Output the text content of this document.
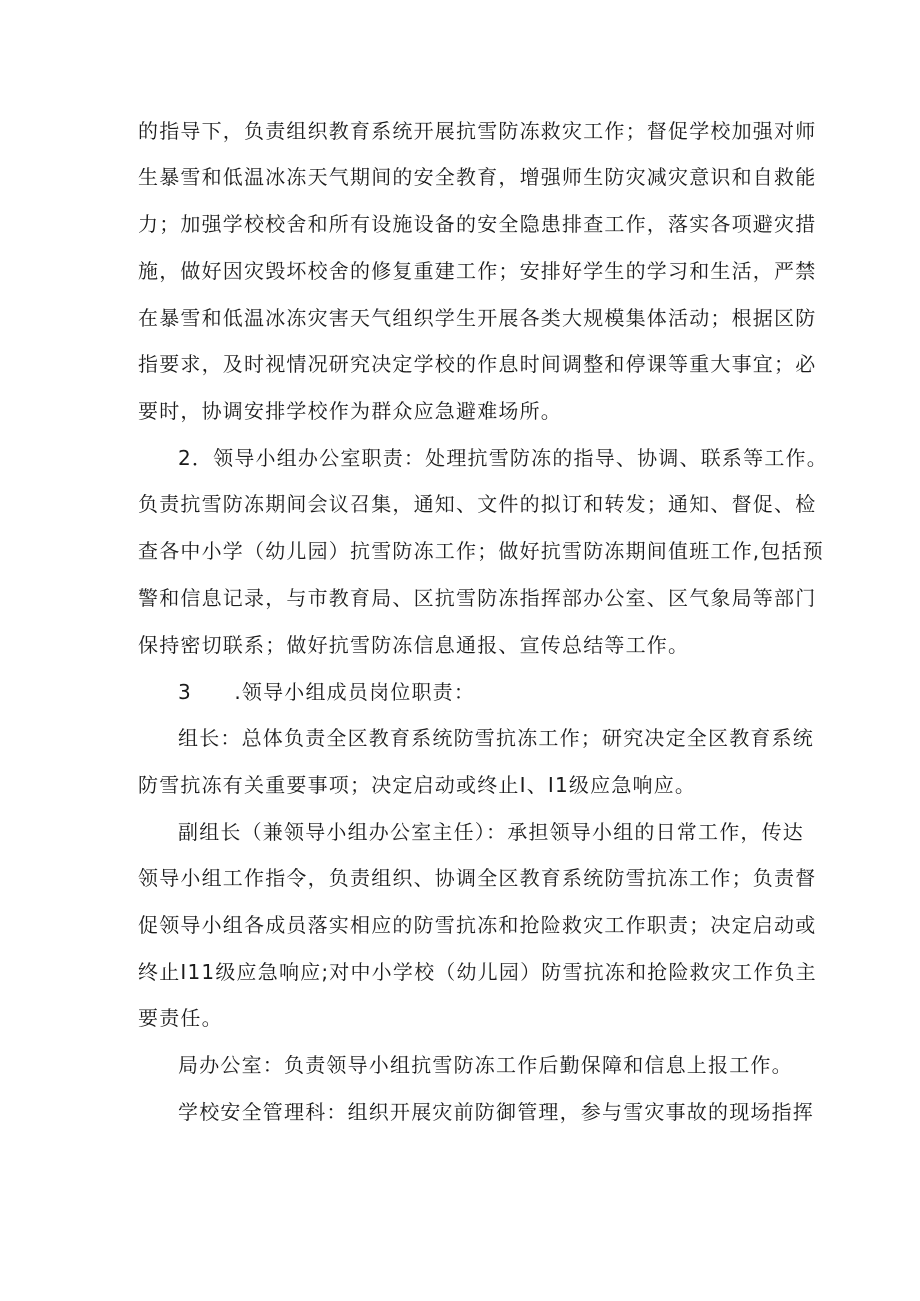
的指导下，负责组织教育系统开展抗雪防冻救灾工作；督促学校加强对师
生暴雪和低温冰冻天气期间的安全教育，增强师生防灾减灾意识和自救能
力；加强学校校舍和所有设施设备的安全隐患排查工作，落实各项避灾措
施，做好因灾毁坏校舍的修复重建工作；安排好学生的学习和生活，严禁
在暴雪和低温冰冻灾害天气组织学生开展各类大规模集体活动；根据区防
指要求，及时视情况研究决定学校的作息时间调整和停课等重大事宜；必
要时，协调安排学校作为群众应急避难场所。
2．领导小组办公室职责：处理抗雪防冻的指导、协调、联系等工作。
负责抗雪防冻期间会议召集，通知、文件的拟订和转发；通知、督促、检
查各中小学（幼儿园）抗雪防冻工作；做好抗雪防冻期间值班工作,包括预
警和信息记录，与市教育局、区抗雪防冻指挥部办公室、区气象局等部门
保持密切联系；做好抗雪防冻信息通报、宣传总结等工作。
3　　.领导小组成员岗位职责：
组长：总体负责全区教育系统防雪抗冻工作；研究决定全区教育系统
防雪抗冻有关重要事项；决定启动或终止I、I1级应急响应。
副组长（兼领导小组办公室主任）：承担领导小组的日常工作，传达
领导小组工作指令，负责组织、协调全区教育系统防雪抗冻工作；负责督
促领导小组各成员落实相应的防雪抗冻和抢险救灾工作职责；决定启动或
终止I11级应急响应;对中小学校（幼儿园）防雪抗冻和抢险救灾工作负主
要责任。
局办公室：负责领导小组抗雪防冻工作后勤保障和信息上报工作。
学校安全管理科：组织开展灾前防御管理，参与雪灾事故的现场指挥
